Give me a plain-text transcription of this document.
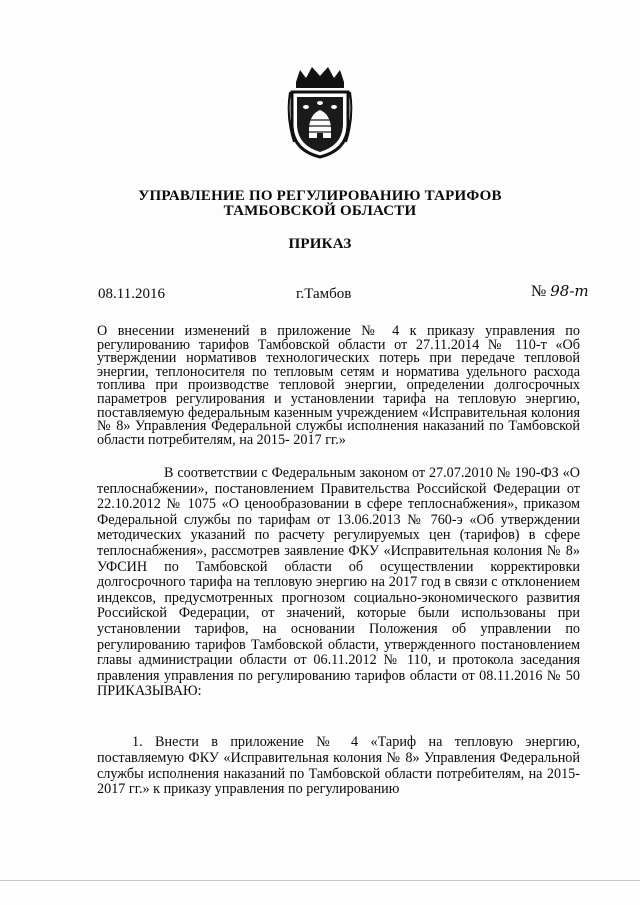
УПРАВЛЕНИЕ ПО РЕГУЛИРОВАНИЮ ТАРИФОВ
ТАМБОВСКОЙ ОБЛАСТИ
ПРИКАЗ
08.11.2016	г.Тамбов	№ 98-т
О внесении изменений в приложение № 4 к приказу управления по регулированию тарифов Тамбовской области от 27.11.2014 № 110-т «Об утверждении нормативов технологических потерь при передаче тепловой энергии, теплоносителя по тепловым сетям и норматива удельного расхода топлива при производстве тепловой энергии, определении долгосрочных параметров регулирования и установлении тарифа на тепловую энергию, поставляемую федеральным казенным учреждением «Исправительная колония № 8» Управления Федеральной службы исполнения наказаний по Тамбовской области потребителям, на 2015- 2017 гг.»
В соответствии с Федеральным законом от 27.07.2010 № 190-ФЗ «О теплоснабжении», постановлением Правительства Российской Федерации от 22.10.2012 № 1075 «О ценообразовании в сфере теплоснабжения», приказом Федеральной службы по тарифам от 13.06.2013 № 760-э «Об утверждении методических указаний по расчету регулируемых цен (тарифов) в сфере теплоснабжения», рассмотрев заявление ФКУ «Исправительная колония № 8» УФСИН по Тамбовской области об осуществлении корректировки долгосрочного тарифа на тепловую энергию на 2017 год в связи с отклонением индексов, предусмотренных прогнозом социально-экономического развития Российской Федерации, от значений, которые были использованы при установлении тарифов, на основании Положения об управлении по регулированию тарифов Тамбовской области, утвержденного постановлением главы администрации области от 06.11.2012 № 110, и протокола заседания правления управления по регулированию тарифов области от 08.11.2016 № 50 ПРИКАЗЫВАЮ:
1. Внести в приложение № 4 «Тариф на тепловую энергию, поставляемую ФКУ «Исправительная колония № 8» Управления Федеральной службы исполнения наказаний по Тамбовской области потребителям, на 2015-2017 гг.» к приказу управления по регулированию
